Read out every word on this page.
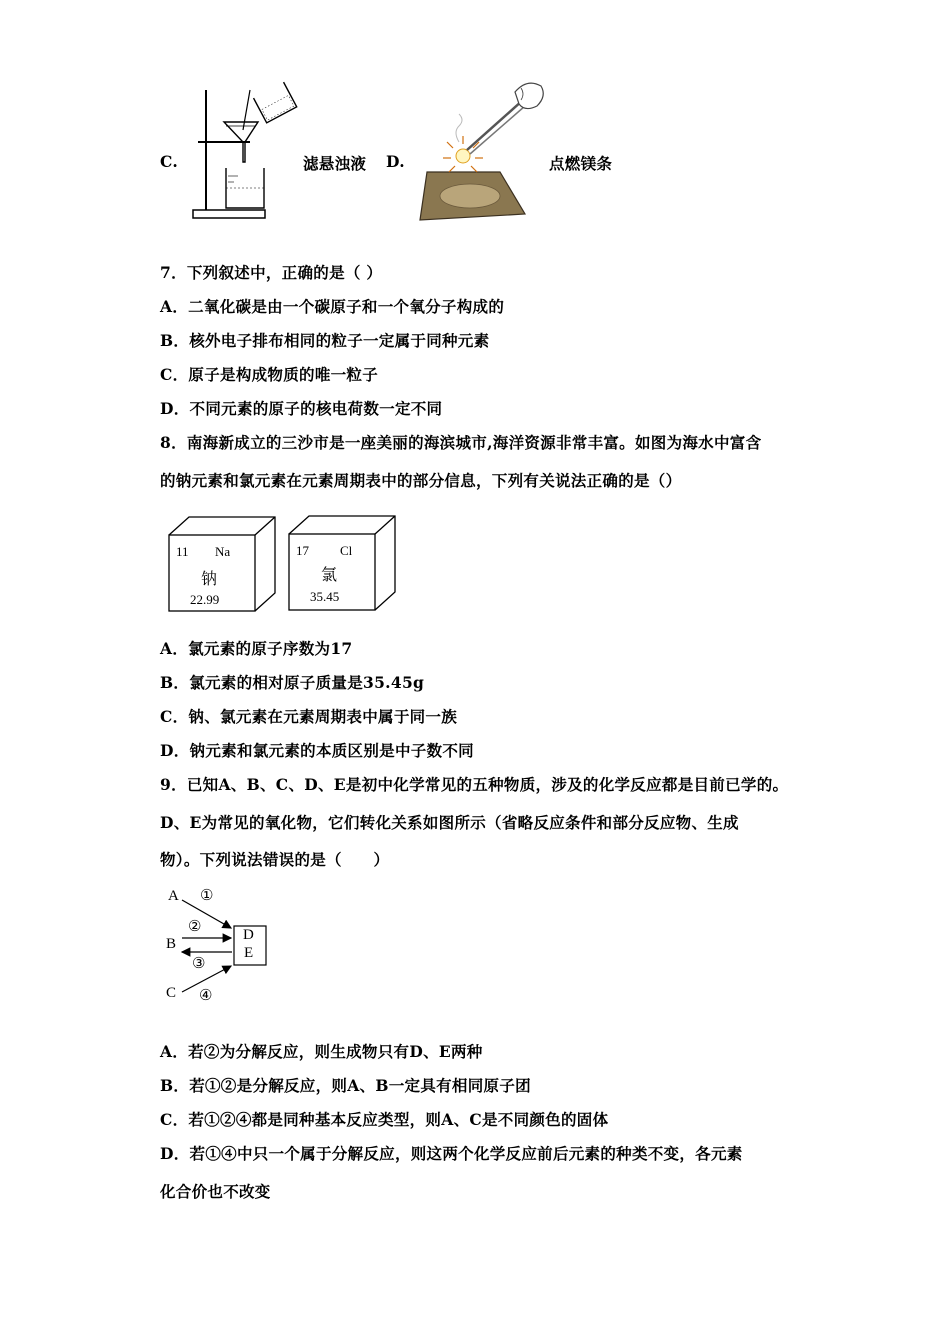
C.	滤悬浊液 D.	点燃镁条
7．下列叙述中，正确的是（ ）
A．二氧化碳是由一个碳原子和一个氧分子构成的
B．核外电子排布相同的粒子一定属于同种元素
C．原子是构成物质的唯一粒子
D．不同元素的原子的核电荷数一定不同
8．南海新成立的三沙市是一座美丽的海滨城市,海洋资源非常丰富。如图为海水中富含
的钠元素和氯元素在元素周期表中的部分信息，下列有关说法正确的是（）
11 Na
钠
22.99
17 Cl
氯
35.45
A．氯元素的原子序数为17
B．氯元素的相对原子质量是35.45g
C．钠、氯元素在元素周期表中属于同一族
D．钠元素和氯元素的本质区别是中子数不同
9．已知A、B、C、D、E是初中化学常见的五种物质，涉及的化学反应都是目前已学的。
D、E为常见的氧化物，它们转化关系如图所示（省略反应条件和部分反应物、生成
物）。下列说法错误的是（　　）
A ①
②
B
③
D
E
C ④
A．若②为分解反应，则生成物只有D、E两种
B．若①②是分解反应，则A、B一定具有相同原子团
C．若①②④都是同种基本反应类型，则A、C是不同颜色的固体
D．若①④中只一个属于分解反应，则这两个化学反应前后元素的种类不变，各元素
化合价也不改变
